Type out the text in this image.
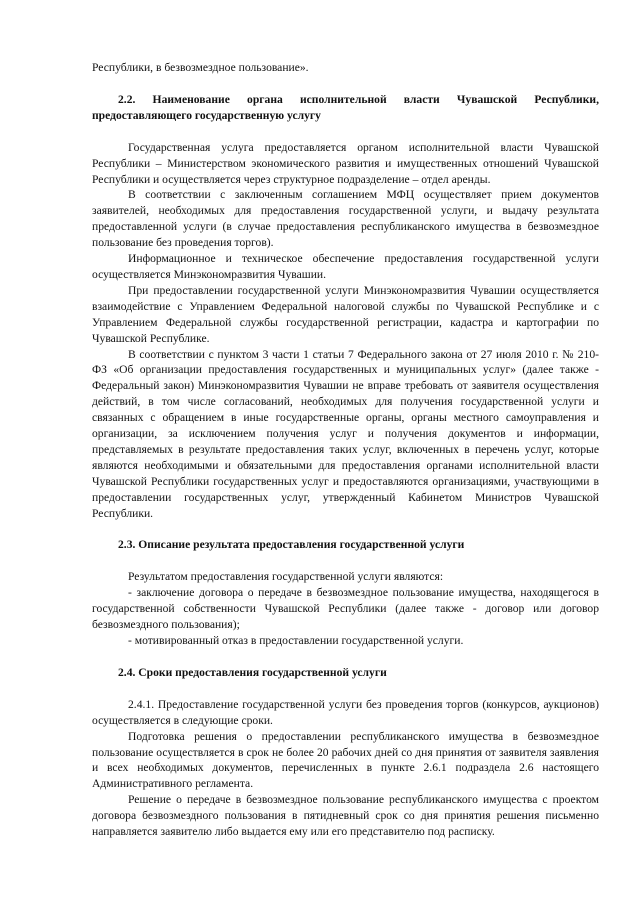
Республики, в безвозмездное пользование».

2.2. Наименование органа исполнительной власти Чувашской Республики, предоставляющего государственную услугу

Государственная услуга предоставляется органом исполнительной власти Чувашской Республики – Министерством экономического развития и имущественных отношений Чувашской Республики и осуществляется через структурное подразделение – отдел аренды.

В соответствии с заключенным соглашением МФЦ осуществляет прием документов заявителей, необходимых для предоставления государственной услуги, и выдачу результата предоставленной услуги (в случае предоставления республиканского имущества в безвозмездное пользование без проведения торгов).

Информационное и техническое обеспечение предоставления государственной услуги осуществляется Минэкономразвития Чувашии.

При предоставлении государственной услуги Минэкономразвития Чувашии осуществляется взаимодействие с Управлением Федеральной налоговой службы по Чувашской Республике и с Управлением Федеральной службы государственной регистрации, кадастра и картографии по Чувашской Республике.

В соответствии с пунктом 3 части 1 статьи 7 Федерального закона от 27 июля 2010 г. № 210-ФЗ «Об организации предоставления государственных и муниципальных услуг» (далее также - Федеральный закон) Минэкономразвития Чувашии не вправе требовать от заявителя осуществления действий, в том числе согласований, необходимых для получения государственной услуги и связанных с обращением в иные государственные органы, органы местного самоуправления и организации, за исключением получения услуг и получения документов и информации, представляемых в результате предоставления таких услуг, включенных в перечень услуг, которые являются необходимыми и обязательными для предоставления органами исполнительной власти Чувашской Республики государственных услуг и предоставляются организациями, участвующими в предоставлении государственных услуг, утвержденный Кабинетом Министров Чувашской Республики.

2.3. Описание результата предоставления государственной услуги

Результатом предоставления государственной услуги являются:

- заключение договора о передаче в безвозмездное пользование имущества, находящегося в государственной собственности Чувашской Республики (далее также - договор или договор безвозмездного пользования);

- мотивированный отказ в предоставлении государственной услуги.

2.4. Сроки предоставления государственной услуги

2.4.1. Предоставление государственной услуги без проведения торгов (конкурсов, аукционов) осуществляется в следующие сроки.

Подготовка решения о предоставлении республиканского имущества в безвозмездное пользование осуществляется в срок не более 20 рабочих дней со дня принятия от заявителя заявления и всех необходимых документов, перечисленных в пункте 2.6.1 подраздела 2.6 настоящего Административного регламента.

Решение о передаче в безвозмездное пользование республиканского имущества с проектом договора безвозмездного пользования в пятидневный срок со дня принятия решения письменно направляется заявителю либо выдается ему или его представителю под расписку.
